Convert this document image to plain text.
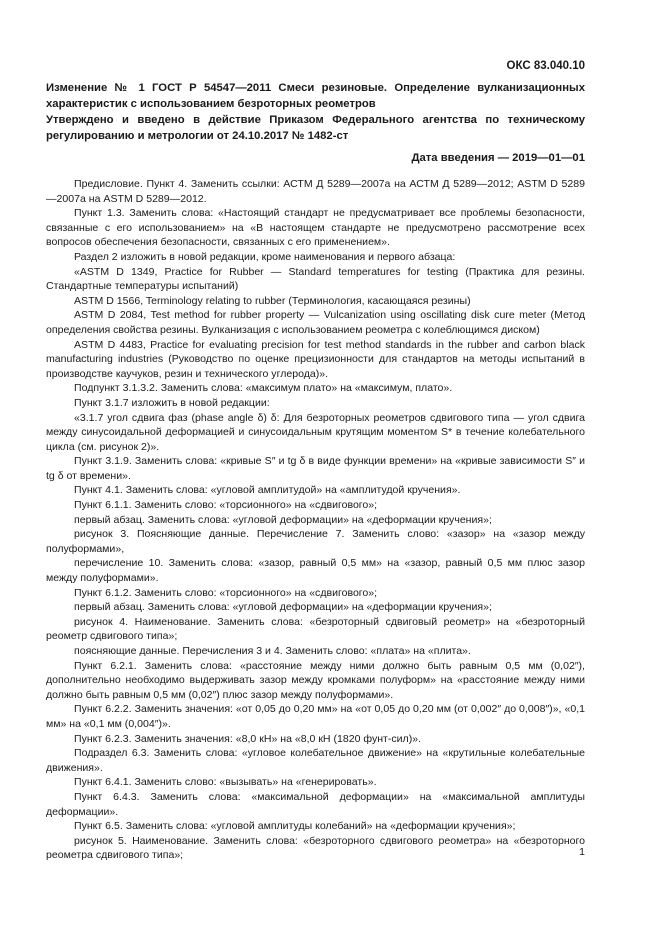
ОКС 83.040.10
Изменение № 1 ГОСТ Р 54547—2011 Смеси резиновые. Определение вулканизационных характеристик с использованием безроторных реометров
Утверждено и введено в действие Приказом Федерального агентства по техническому регулированию и метрологии от 24.10.2017 № 1482-ст
Дата введения — 2019—01—01

Предисловие. Пункт 4. Заменить ссылки: АСТМ Д 5289—2007а на АСТМ Д 5289—2012; ASTM D 5289—2007a на ASTM D 5289—2012.

Пункт 1.3. Заменить слова: «Настоящий стандарт не предусматривает все проблемы безопасности, связанные с его использованием» на «В настоящем стандарте не предусмотрено рассмотрение всех вопросов обеспечения безопасности, связанных с его применением».

Раздел 2 изложить в новой редакции, кроме наименования и первого абзаца:

«ASTM D 1349, Practice for Rubber — Standard temperatures for testing (Практика для резины. Стандартные температуры испытаний)

ASTM D 1566, Terminology relating to rubber (Терминология, касающаяся резины)

ASTM D 2084, Test method for rubber property — Vulcanization using oscillating disk cure meter (Метод определения свойства резины. Вулканизация с использованием реометра с колеблющимся диском)

ASTM D 4483, Practice for evaluating precision for test method standards in the rubber and carbon black manufacturing industries (Руководство по оценке прецизионности для стандартов на методы испытаний в производстве каучуков, резин и технического углерода)».

Подпункт 3.1.3.2. Заменить слова: «максимум плато» на «максимум, плато».

Пункт 3.1.7 изложить в новой редакции:

«3.1.7 угол сдвига фаз (phase angle δ) δ: Для безроторных реометров сдвигового типа — угол сдвига между синусоидальной деформацией и синусоидальным крутящим моментом S* в течение колебательного цикла (см. рисунок 2)».

Пункт 3.1.9. Заменить слова: «кривые S″ и tg δ в виде функции времени» на «кривые зависимости S″ и tg δ от времени».

Пункт 4.1. Заменить слова: «угловой амплитудой» на «амплитудой кручения».

Пункт 6.1.1. Заменить слово: «торсионного» на «сдвигового»;

первый абзац. Заменить слова: «угловой деформации» на «деформации кручения»;

рисунок 3. Поясняющие данные. Перечисление 7. Заменить слово: «зазор» на «зазор между полуформами»,

перечисление 10. Заменить слова: «зазор, равный 0,5 мм» на «зазор, равный 0,5 мм плюс зазор между полуформами».

Пункт 6.1.2. Заменить слово: «торсионного» на «сдвигового»;

первый абзац. Заменить слова: «угловой деформации» на «деформации кручения»;

рисунок 4. Наименование. Заменить слова: «безроторный сдвиговый реометр» на «безроторный реометр сдвигового типа»;

поясняющие данные. Перечисления 3 и 4. Заменить слово: «плата» на «плита».

Пункт 6.2.1. Заменить слова: «расстояние между ними должно быть равным 0,5 мм (0,02″), дополнительно необходимо выдерживать зазор между кромками полуформ» на «расстояние между ними должно быть равным 0,5 мм (0,02″) плюс зазор между полуформами».

Пункт 6.2.2. Заменить значения: «от 0,05 до 0,20 мм» на «от 0,05 до 0,20 мм (от 0,002″ до 0,008″)», «0,1 мм» на «0,1 мм (0,004″)».

Пункт 6.2.3. Заменить значения: «8,0 кН» на «8,0 кН (1820 фунт-сил)».

Подраздел 6.3. Заменить слова: «угловое колебательное движение» на «крутильные колебательные движения».

Пункт 6.4.1. Заменить слово: «вызывать» на «генерировать».

Пункт 6.4.3. Заменить слова: «максимальной деформации» на «максимальной амплитуды деформации».

Пункт 6.5. Заменить слова: «угловой амплитуды колебаний» на «деформации кручения»;

рисунок 5. Наименование. Заменить слова: «безроторного сдвигового реометра» на «безроторного реометра сдвигового типа»;	1
